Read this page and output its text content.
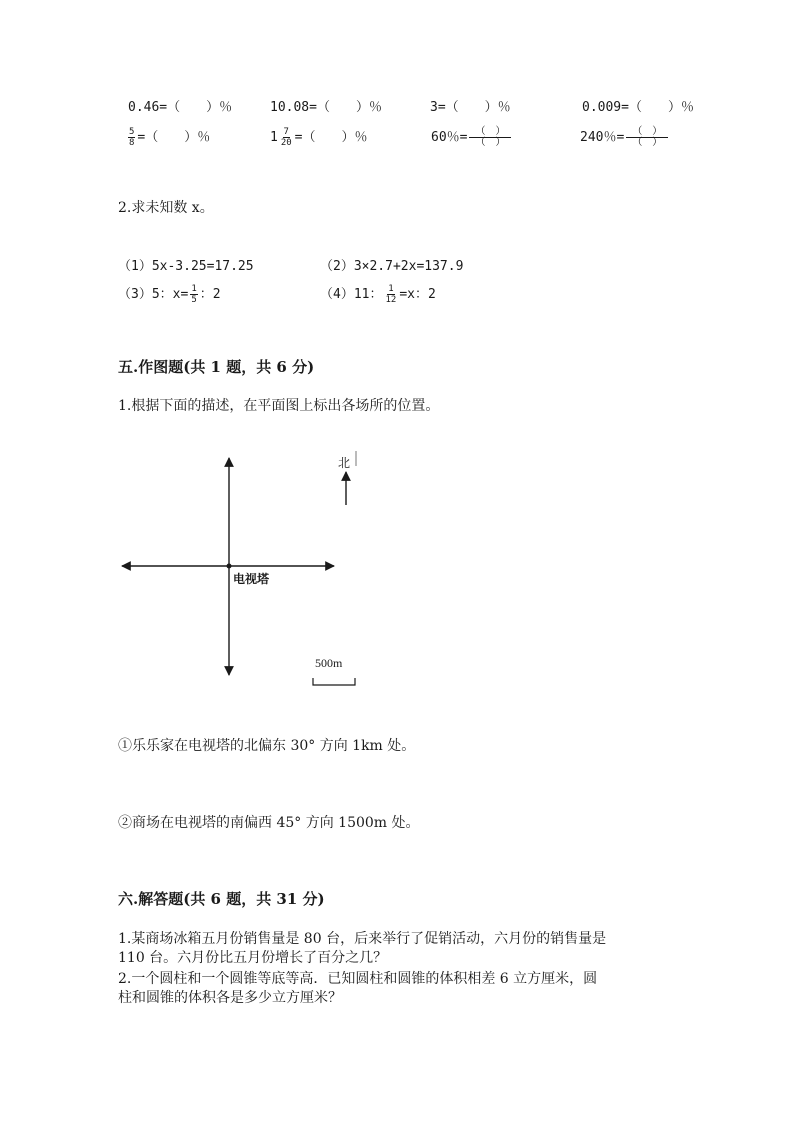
0.46=（　　）％	10.08=（　　）％	3=（　　）％	0.009=（　　）％
$\frac{5}{8}$ =（　　）％	$1 \frac{7}{20}$ =（　　）％	60％= $\frac{( )}{( )}$	240％= $\frac{( )}{( )}$
2.求未知数 x。
（1）5x-3.25=17.25	（2）3×2.7+2x=137.9
（3）5：$x= \frac{1}{5}$ ：2	（4）11： $\frac{1}{12} =x$：2
五.作图题(共 1 题，共 6 分)
1.根据下面的描述，在平面图上标出各场所的位置。
北
电视塔
500m
①乐乐家在电视塔的北偏东 30° 方向 1km 处。
②商场在电视塔的南偏西 45° 方向 1500m 处。
六.解答题(共 6 题，共 31 分)
1.某商场冰箱五月份销售量是 80 台，后来举行了促销活动，六月份的销售量是
110 台。六月份比五月份增长了百分之几？
2.一个圆柱和一个圆锥等底等高．已知圆柱和圆锥的体积相差 6 立方厘米，圆
柱和圆锥的体积各是多少立方厘米？
